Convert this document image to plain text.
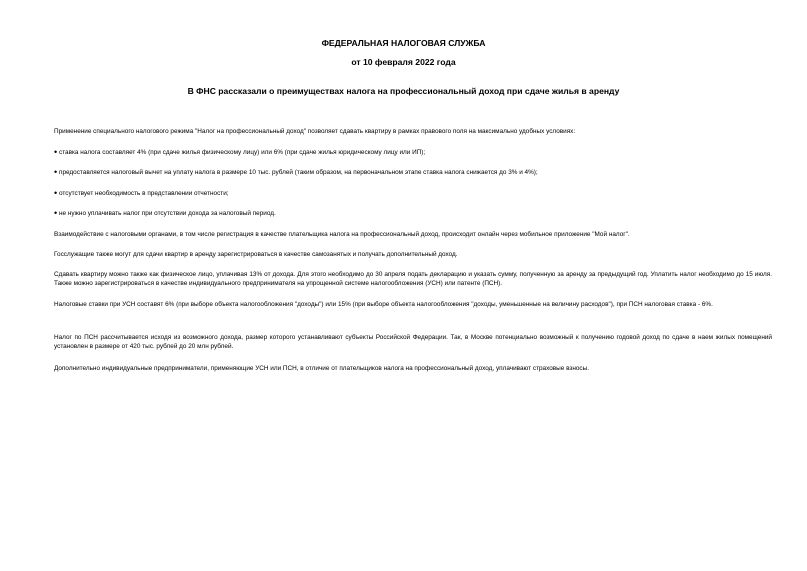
ФЕДЕРАЛЬНАЯ НАЛОГОВАЯ СЛУЖБА
от 10 февраля 2022 года
В ФНС рассказали о преимуществах налога на профессиональный доход при сдаче жилья в аренду
Применение специального налогового режима "Налог на профессиональный доход" позволяет сдавать квартиру в рамках правового поля на максимально удобных условиях:
• ставка налога составляет 4% (при сдаче жилья физическому лицу) или 6% (при сдаче жилья юридическому лицу или ИП);
• предоставляется налоговый вычет на уплату налога в размере 10 тыс. рублей (таким образом, на первоначальном этапе ставка налога снижается до 3% и 4%);
• отсутствует необходимость в представлении отчетности;
• не нужно уплачивать налог при отсутствии дохода за налоговый период.
Взаимодействие с налоговыми органами, в том числе регистрация в качестве плательщика налога на профессиональный доход, происходит онлайн через мобильное приложение "Мой налог".
Госслужащие также могут для сдачи квартир в аренду зарегистрироваться в качестве самозанятых и получать дополнительный доход.
Сдавать квартиру можно также как физическое лицо, уплачивая 13% от дохода. Для этого необходимо до 30 апреля подать декларацию и указать сумму, полученную за аренду за предыдущий год. Уплатить налог необходимо до 15 июля. Также можно зарегистрироваться в качестве индивидуального предпринимателя на упрощенной системе налогообложения (УСН) или патенте (ПСН).
Налоговые ставки при УСН составят 6% (при выборе объекта налогообложения "доходы") или 15% (при выборе объекта налогообложения "доходы, уменьшенные на величину расходов"), при ПСН налоговая ставка - 6%.
Налог по ПСН рассчитывается исходя из возможного дохода, размер которого устанавливают субъекты Российской Федерации. Так, в Москве потенциально возможный к получению годовой доход по сдаче в наем жилых помещений установлен в размере от 420 тыс. рублей до 20 млн рублей.
Дополнительно индивидуальные предприниматели, применяющие УСН или ПСН, в отличие от плательщиков налога на профессиональный доход, уплачивают страховые взносы.
